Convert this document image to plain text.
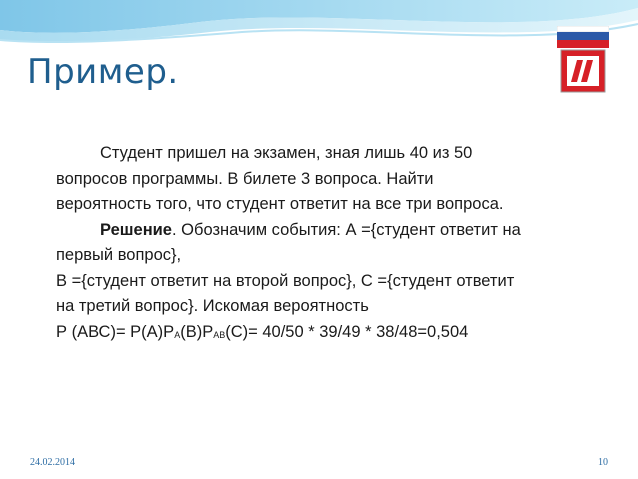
Пример.

Студент пришел на экзамен, зная лишь 40 из 50

вопросов программы. В билете 3 вопроса. Найти

вероятность того, что студент ответит на все три вопроса.

Решение. Обозначим события: А ={студент ответит на

первый вопрос},

В ={студент ответит на второй вопрос}, С ={студент ответит

на третий вопрос}. Искомая вероятность

Р (АВС)= Р(А)РА(В)РАВ(С)= 40/50 * 39/49 * 38/48=0,504

24.02.2014	10
